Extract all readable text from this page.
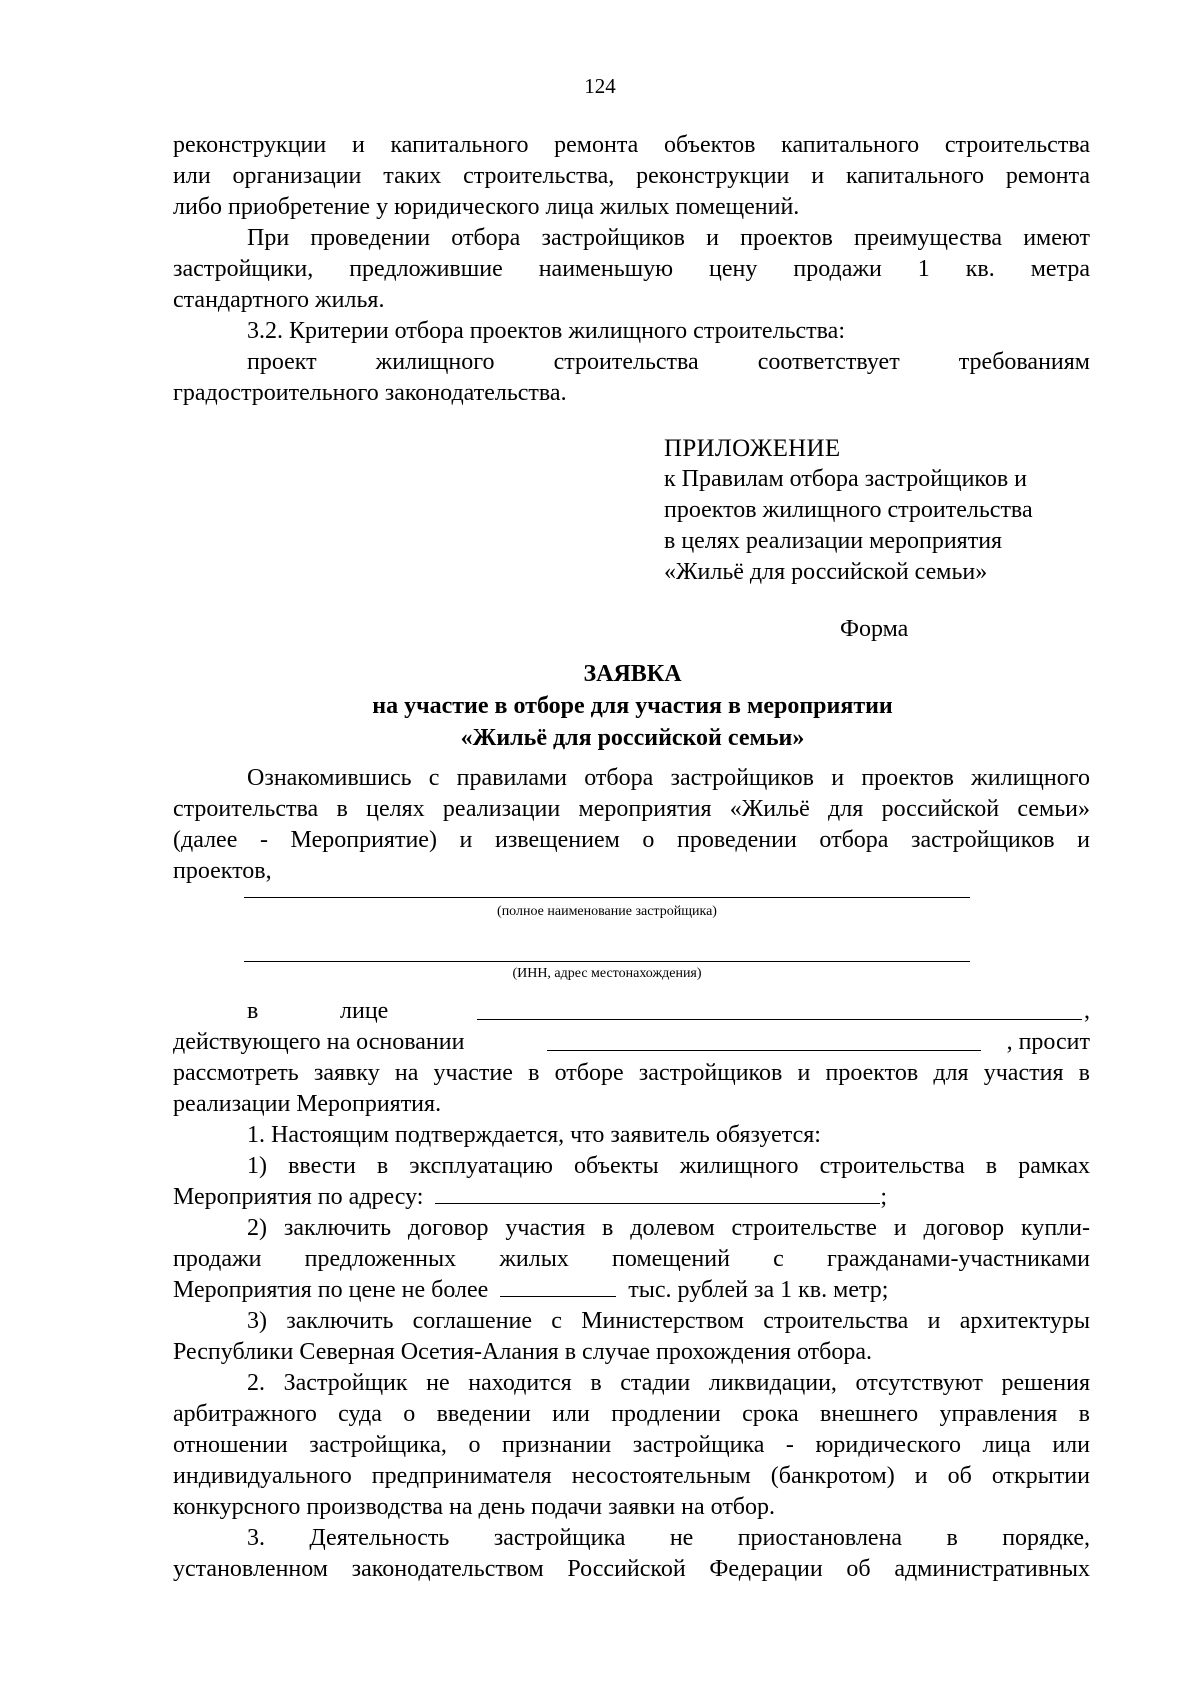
124
реконструкции и капитального ремонта объектов капитального строительства
или организации таких строительства, реконструкции и капитального ремонта
либо приобретение у юридического лица жилых помещений.
При проведении отбора застройщиков и проектов преимущества имеют
застройщики, предложившие наименьшую цену продажи 1 кв. метра
стандартного жилья.
3.2. Критерии отбора проектов жилищного строительства:
проект жилищного строительства соответствует требованиям
градостроительного законодательства.
ПРИЛОЖЕНИЕ
к Правилам отбора застройщиков и
проектов жилищного строительства
в целях реализации мероприятия
«Жильё для российской семьи»
Форма
ЗАЯВКА
на участие в отборе для участия в мероприятии
«Жильё для российской семьи»
Ознакомившись с правилами отбора застройщиков и проектов жилищного
строительства в целях реализации мероприятия «Жильё для российской семьи»
(далее - Мероприятие) и извещением о проведении отбора застройщиков и
проектов,
(полное наименование застройщика)
(ИНН, адрес местонахождения)
в	лице	,
действующего на основании	, просит
рассмотреть заявку на участие в отборе застройщиков и проектов для участия в
реализации Мероприятия.
1. Настоящим подтверждается, что заявитель обязуется:
1) ввести в эксплуатацию объекты жилищного строительства в рамках
Мероприятия по адресу:	;
2) заключить договор участия в долевом строительстве и договор купли-
продажи предложенных жилых помещений с гражданами-участниками
Мероприятия по цене не более	тыс. рублей за 1 кв. метр;
3) заключить соглашение с Министерством строительства и архитектуры
Республики Северная Осетия-Алания в случае прохождения отбора.
2. Застройщик не находится в стадии ликвидации, отсутствуют решения
арбитражного суда о введении или продлении срока внешнего управления в
отношении застройщика, о признании застройщика - юридического лица или
индивидуального предпринимателя несостоятельным (банкротом) и об открытии
конкурсного производства на день подачи заявки на отбор.
3. Деятельность застройщика не приостановлена в порядке,
установленном законодательством Российской Федерации об административных
